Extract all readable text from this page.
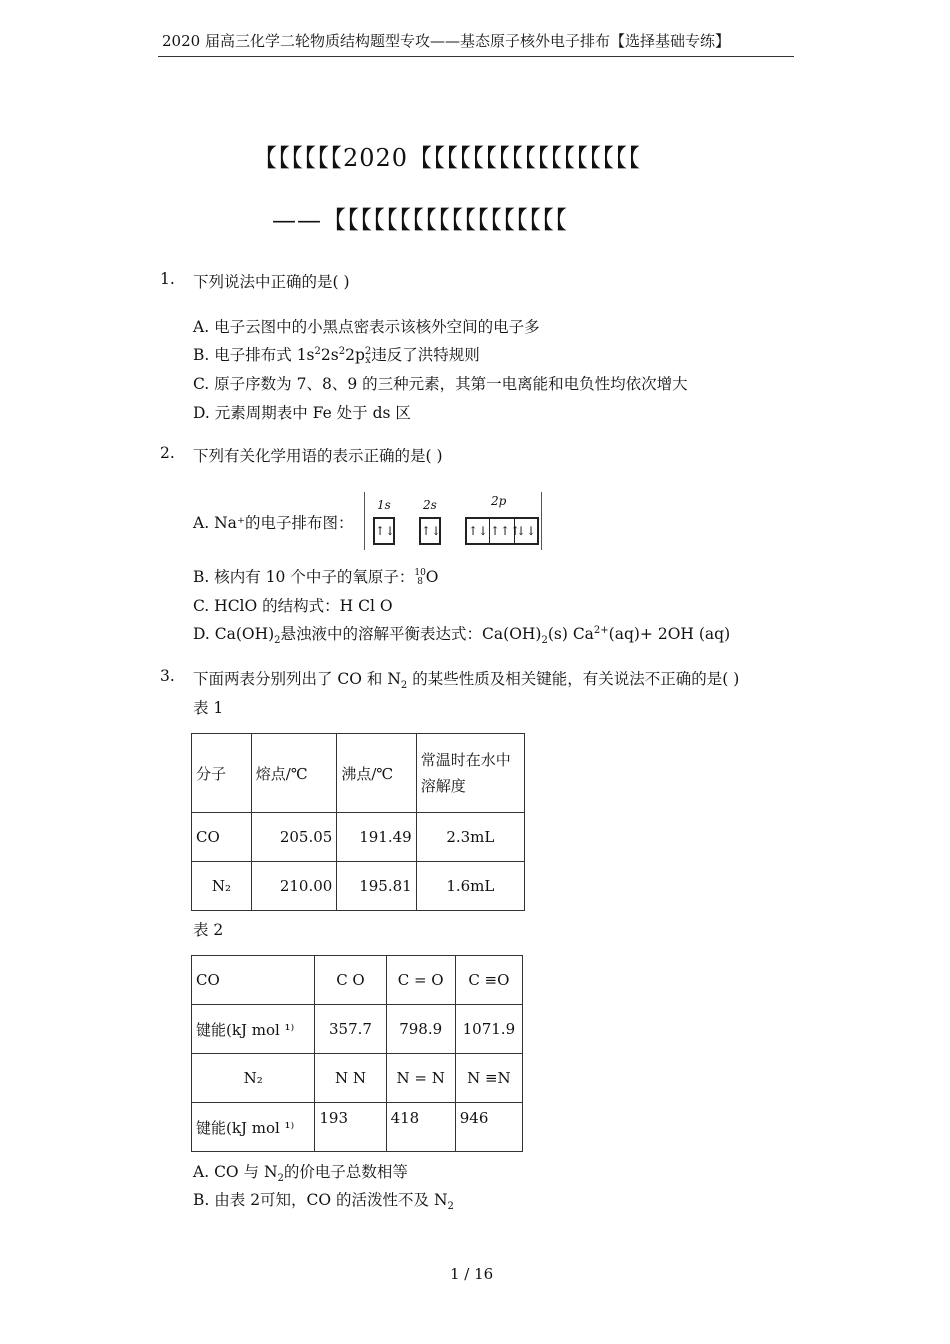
2020 届高三化学二轮物质结构题型专攻——基态原子核外电子排布【选择基础专练】
【【【【【【2020【【【【【【【【【【【【【【【【【
——【【【【【【【【【【【【【【【【【【
1. 下列说法中正确的是( )
A. 电子云图中的小黑点密表示该核外空间的电子多
B. 电子排布式 $1s^22s^22p2$
x违反了洪特规则
C. 原子序数为 7、8、9 的三种元素，其第一电离能和电负性均依次增大
D. 元素周期表中 Fe 处于 ds 区
2. 下列有关化学用语的表示正确的是( )
A. Na⁺的电子排布图：
1s	2s	2p
↑↓ ↑↓ ↑↓ ↑↑↑
↓↓
B. 核内有 10 个中子的氧原子：10
8 O
C. HClO 的结构式：H Cl O
D. $Ca(OH)_2$悬浊液中的溶解平衡表达式：$Ca(OH)_2(s)$ $Ca^{2+}(aq)+ 2OH$ (aq)
3. 下面两表分别列出了 CO 和 $N_2$ 的某些性质及相关键能，有关说法不正确的是( )
表 1
分子	熔点/℃	沸点/℃	常温时在水中溶解度
CO	205.05	191.49	2.3mL
N₂	210.00	195.81	1.6mL
表 2
CO	C O	C = O	C ≡O
键能(kJ mol ¹⁾	357.7	798.9	1071.9
N₂	N N	N = N	N ≡N
键能(kJ mol ¹⁾	193	418	946
A. CO 与 $N_2$的价电子总数相等
B. 由表 2可知，CO 的活泼性不及 $N_2$
1 / 16
